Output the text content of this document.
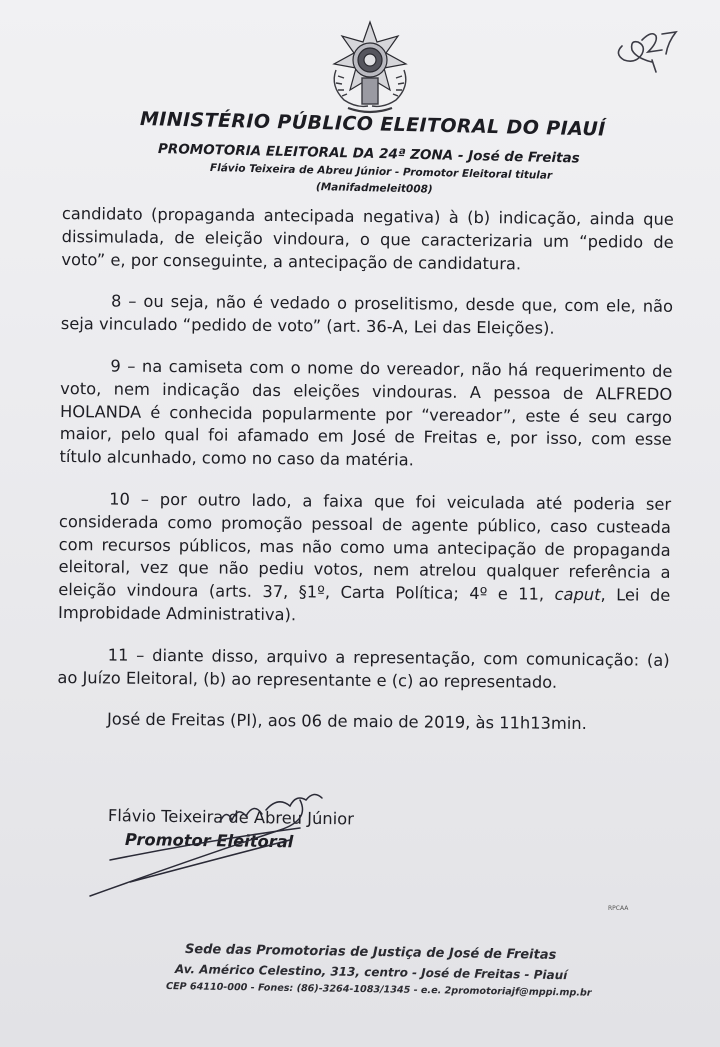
MINISTÉRIO PÚBLICO ELEITORAL DO PIAUÍ
PROMOTORIA ELEITORAL DA 24ª ZONA - José de Freitas
Flávio Teixeira de Abreu Júnior - Promotor Eleitoral titular
(Manifadmeleit008)

candidato (propaganda antecipada negativa) à (b) indicação, ainda que dissimulada, de eleição vindoura, o que caracterizaria um “pedido de voto” e, por conseguinte, a antecipação de candidatura.

8 – ou seja, não é vedado o proselitismo, desde que, com ele, não seja vinculado “pedido de voto” (art. 36-A, Lei das Eleições).

9 – na camiseta com o nome do vereador, não há requerimento de voto, nem indicação das eleições vindouras. A pessoa de ALFREDO HOLANDA é conhecida popularmente por “vereador”, este é seu cargo maior, pelo qual foi afamado em José de Freitas e, por isso, com esse título alcunhado, como no caso da matéria.

10 – por outro lado, a faixa que foi veiculada até poderia ser considerada como promoção pessoal de agente público, caso custeada com recursos públicos, mas não como uma antecipação de propaganda eleitoral, vez que não pediu votos, nem atrelou qualquer referência a eleição vindoura (arts. 37, §1º, Carta Política; 4º e 11, caput, Lei de Improbidade Administrativa).

11 – diante disso, arquivo a representação, com comunicação: (a) ao Juízo Eleitoral, (b) ao representante e (c) ao representado.

José de Freitas (PI), aos 06 de maio de 2019, às 11h13min.

Flávio Teixeira de Abreu Júnior
Promotor Eleitoral
RPCAA
Sede das Promotorias de Justiça de José de Freitas
Av. Américo Celestino, 313, centro - José de Freitas - Piauí
CEP 64110-000 - Fones: (86)-3264-1083/1345 - e.e. 2promotoriajf@mppi.mp.br
